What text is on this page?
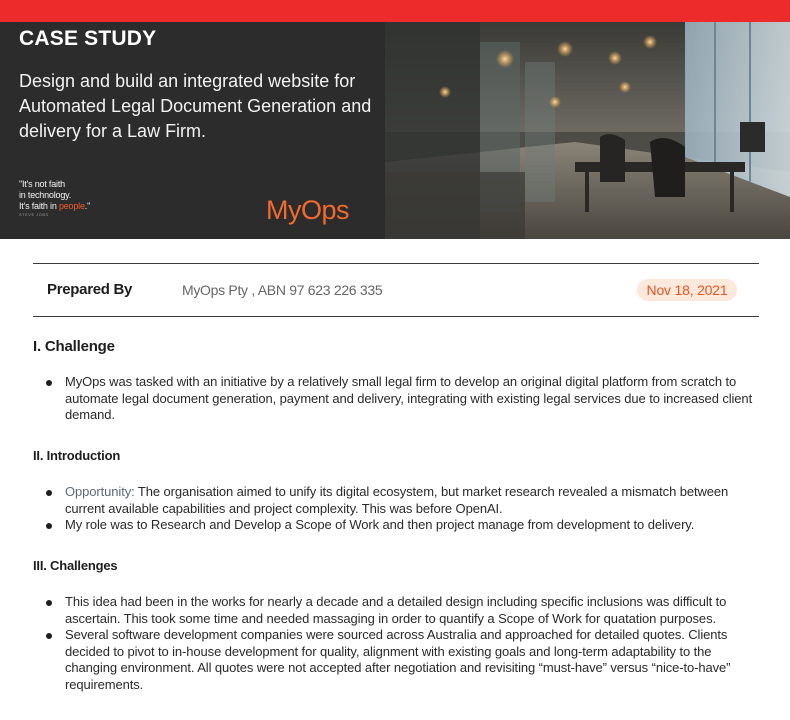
CASE STUDY
Design and build an integrated website for Automated Legal Document Generation and delivery for a Law Firm.
"It's not faith
in technology.
It's faith in people."
STEVE JOBS	MyOps
Prepared By	MyOps Pty , ABN 97 623 226 335	Nov 18, 2021
I. Challenge
MyOps was tasked with an initiative by a relatively small legal firm to develop an original digital platform from scratch to automate legal document generation, payment and delivery, integrating with existing legal services due to increased client demand.
II. Introduction
Opportunity: The organisation aimed to unify its digital ecosystem, but market research revealed a mismatch between current available capabilities and project complexity. This was before OpenAI.
My role was to Research and Develop a Scope of Work and then project manage from development to delivery.
III. Challenges
This idea had been in the works for nearly a decade and a detailed design including specific inclusions was difficult to ascertain. This took some time and needed massaging in order to quantify a Scope of Work for quatation purposes.
Several software development companies were sourced across Australia and approached for detailed quotes. Clients decided to pivot to in-house development for quality, alignment with existing goals and long-term adaptability to the changing environment. All quotes were not accepted after negotiation and revisiting “must-have” versus “nice-to-have” requirements.
